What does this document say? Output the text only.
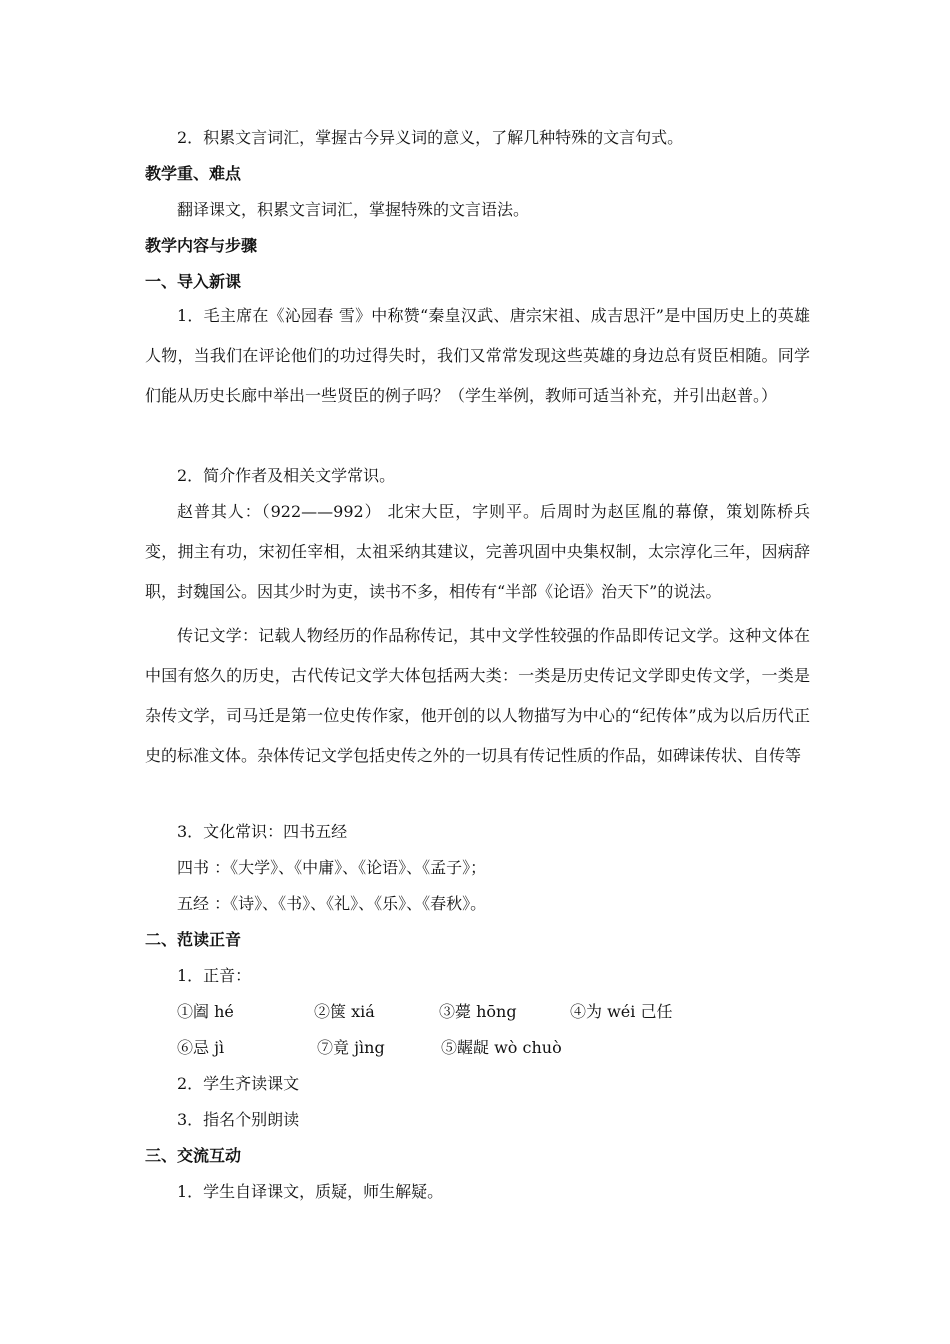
2．积累文言词汇，掌握古今异义词的意义，了解几种特殊的文言句式。
教学重、难点
翻译课文，积累文言词汇，掌握特殊的文言语法。
教学内容与步骤
一、导入新课
1．毛主席在《沁园春 雪》中称赞“秦皇汉武、唐宗宋祖、成吉思汗”是中国历史上的英雄人物，当我们在评论他们的功过得失时，我们又常常发现这些英雄的身边总有贤臣相随。同学们能从历史长廊中举出一些贤臣的例子吗？（学生举例，教师可适当补充，并引出赵普。）
2．简介作者及相关文学常识。
赵普其人：（922——992） 北宋大臣，字则平。后周时为赵匡胤的幕僚，策划陈桥兵变，拥主有功，宋初任宰相，太祖采纳其建议，完善巩固中央集权制，太宗淳化三年，因病辞职，封魏国公。因其少时为吏，读书不多，相传有“半部《论语》治天下”的说法。
传记文学：记载人物经历的作品称传记，其中文学性较强的作品即传记文学。这种文体在中国有悠久的历史，古代传记文学大体包括两大类：一类是历史传记文学即史传文学，一类是杂传文学，司马迁是第一位史传作家，他开创的以人物描写为中心的“纪传体”成为以后历代正史的标准文体。杂体传记文学包括史传之外的一切具有传记性质的作品，如碑诔传状、自传等
3．文化常识：四书五经
四书 ：《大学》、《中庸》、《论语》、《孟子》；
五经 ：《诗》、《书》、《礼》、《乐》、《春秋》。
二、范读正音
1．正音：
①阖 hé	②箧 xiá	③薨 hōng	④为 wéi 己任
⑥忌 jì	⑦竟 jìng	⑤龌龊 wò chuò
2．学生齐读课文
3．指名个别朗读
三、交流互动
1．学生自译课文，质疑，师生解疑。
